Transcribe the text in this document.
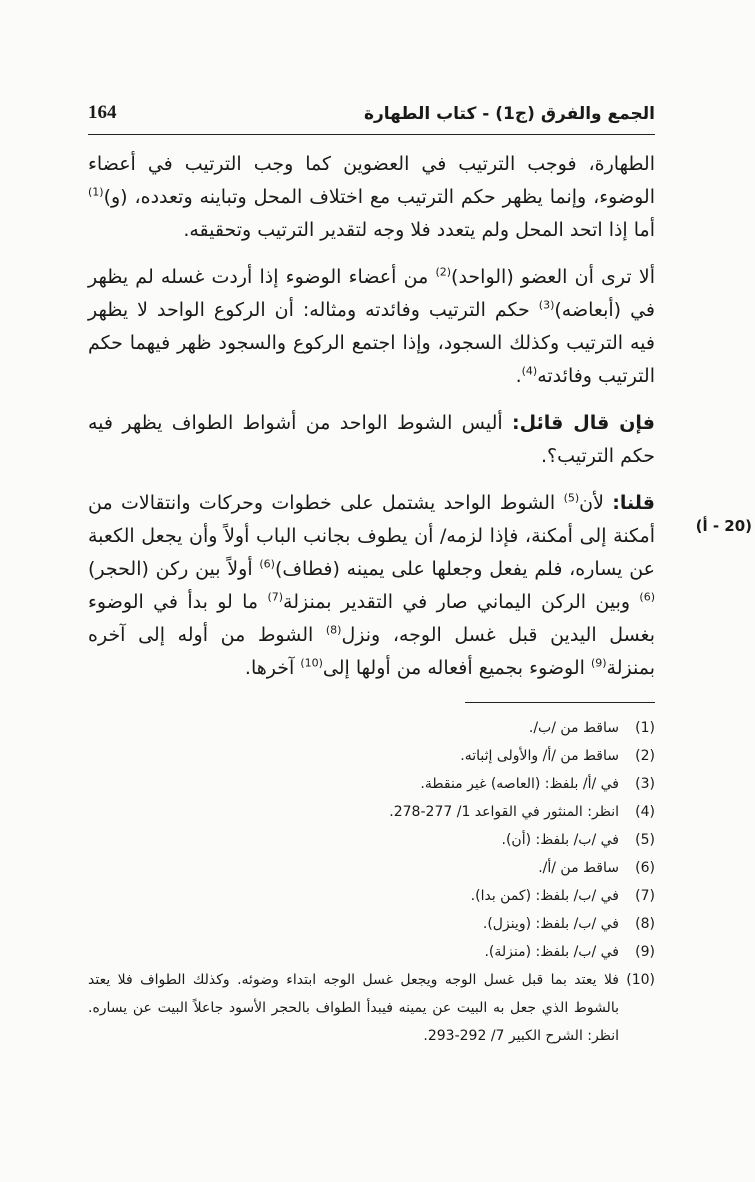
164	الجمع والفرق (ج1) - كتاب الطهارة
(20 - أ)

الطهارة، فوجب الترتيب في العضوين كما وجب الترتيب في أعضاء الوضوء، وإنما يظهر حكم الترتيب مع اختلاف المحل وتباينه وتعدده، (و)$^{(1)}$ أما إذا اتحد المحل ولم يتعدد فلا وجه لتقدير الترتيب وتحقيقه.

ألا ترى أن العضو (الواحد)$^{(2)}$ من أعضاء الوضوء إذا أردت غسله لم يظهر في (أبعاضه)$^{(3)}$ حكم الترتيب وفائدته ومثاله: أن الركوع الواحد لا يظهر فيه الترتيب وكذلك السجود، وإذا اجتمع الركوع والسجود ظهر فيهما حكم الترتيب وفائدته$^{(4)}$.

فإن قال قائل: أليس الشوط الواحد من أشواط الطواف يظهر فيه حكم الترتيب؟.

قلنا: لأن$^{(5)}$ الشوط الواحد يشتمل على خطوات وحركات وانتقالات من أمكنة إلى أمكنة، فإذا لزمه/ أن يطوف بجانب الباب أولاً وأن يجعل الكعبة عن يساره، فلم يفعل وجعلها على يمينه (فطاف)$^{(6)}$ أولاً بين ركن (الحجر)$^{(6)}$ وبين الركن اليماني صار في التقدير بمنزلة$^{(7)}$ ما لو بدأ في الوضوء بغسل اليدين قبل غسل الوجه، ونزل$^{(8)}$ الشوط من أوله إلى آخره بمنزلة$^{(9)}$ الوضوء بجميع أفعاله من أولها إلى$^{(10)}$ آخرها.

(1)
ساقط من /ب/.
(2)
ساقط من /أ/ والأولى إثباته.
(3)
في /أ/ بلفظ: (العاصه) غير منقطة.
(4)
انظر: المنثور في القواعد 1/ 277-278.
(5)
في /ب/ بلفظ: (أن).
(6)
ساقط من /أ/.
(7)
في /ب/ بلفظ: (كمن بدا).
(8)
في /ب/ بلفظ: (وينزل).
(9)
في /ب/ بلفظ: (منزلة).
(10)
فلا يعتد بما قبل غسل الوجه ويجعل غسل الوجه ابتداء وضوئه. وكذلك الطواف فلا يعتد بالشوط الذي جعل به البيت عن يمينه فيبدأ الطواف بالحجر الأسود جاعلاً البيت عن يساره. انظر: الشرح الكبير 7/ 292-293.
